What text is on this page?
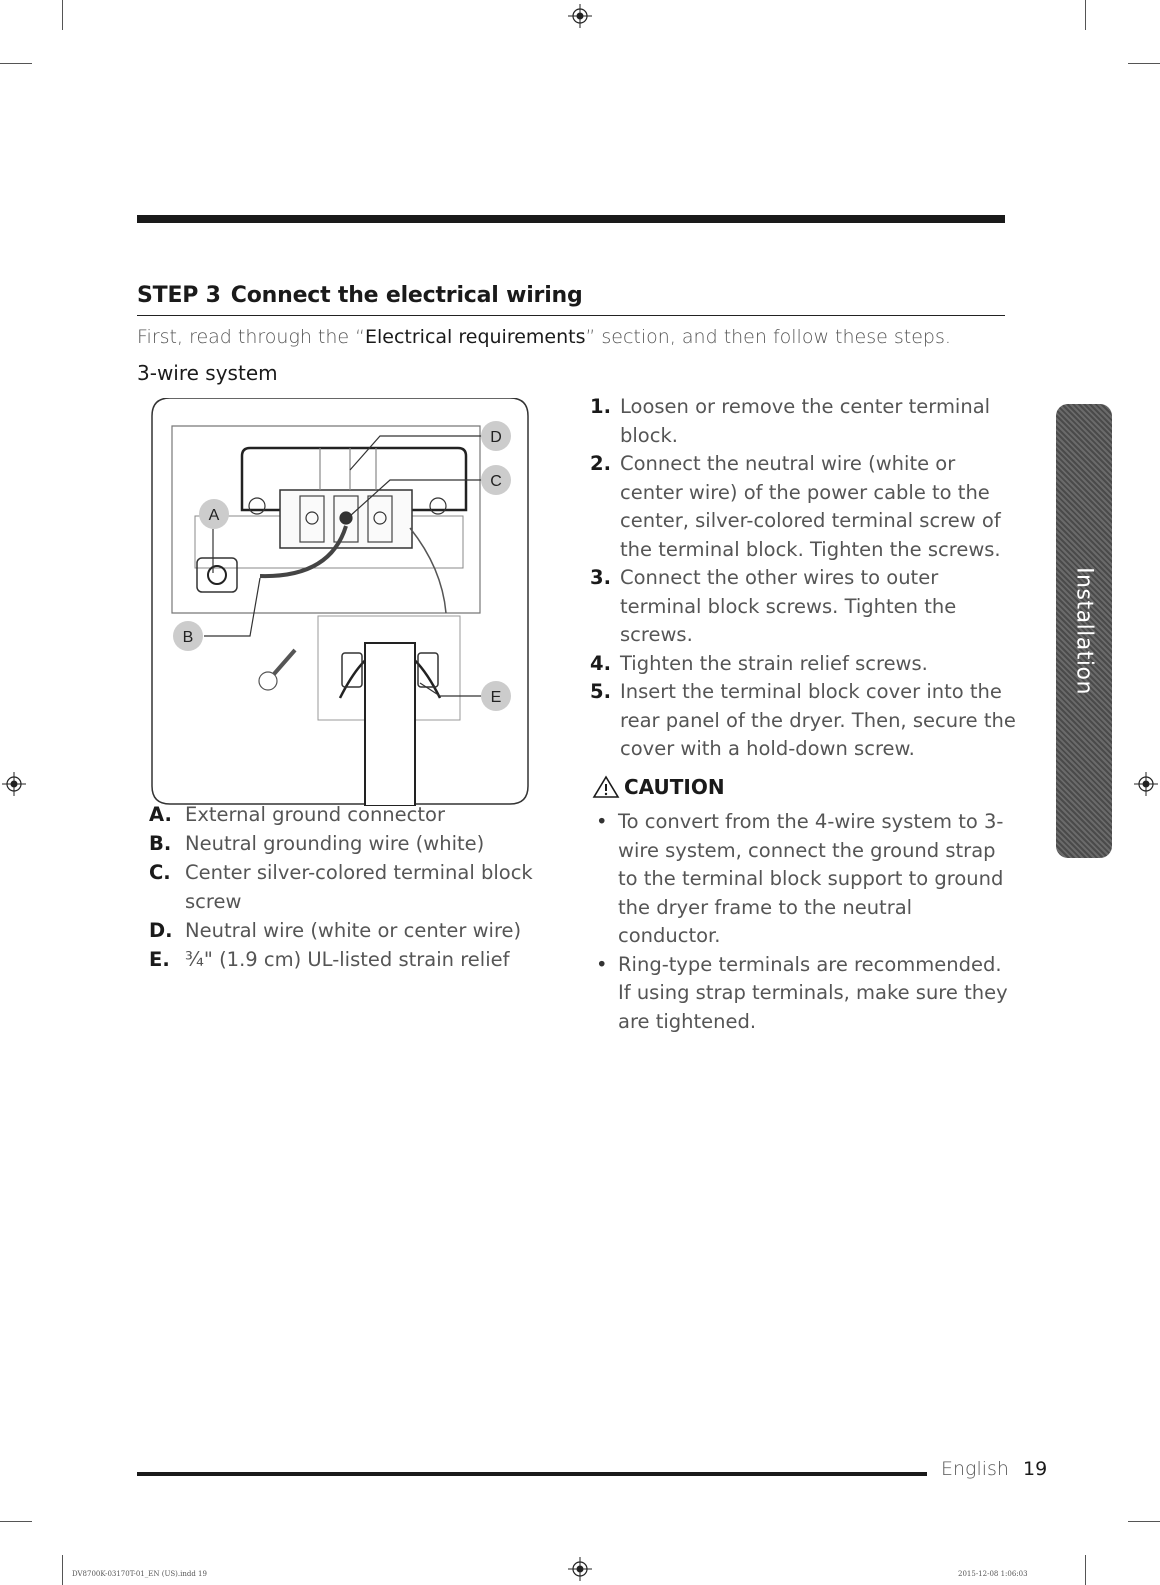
STEP 3 Connect the electrical wiring
First, read through the “Electrical requirements” section, and then follow these steps.
3-wire system
D
C
A
B
E
A. External ground connector
B. Neutral grounding wire (white)
C. Center silver-colored terminal block screw
D. Neutral wire (white or center wire)
E. ¾" (1.9 cm) UL-listed strain relief
1. Loosen or remove the center terminal block.
2. Connect the neutral wire (white or center wire) of the power cable to the center, silver-colored terminal screw of the terminal block. Tighten the screws.
3. Connect the other wires to outer terminal block screws. Tighten the screws.
4. Tighten the strain relief screws.
5. Insert the terminal block cover into the rear panel of the dryer. Then, secure the cover with a hold-down screw.
CAUTION
• To convert from the 4-wire system to 3-wire system, connect the ground strap to the terminal block support to ground the dryer frame to the neutral conductor.
• Ring-type terminals are recommended. If using strap terminals, make sure they are tightened.
Installation
English 19
DV8700K-03170T-01_EN (US).indd 19	2015-12-08 1:06:03
